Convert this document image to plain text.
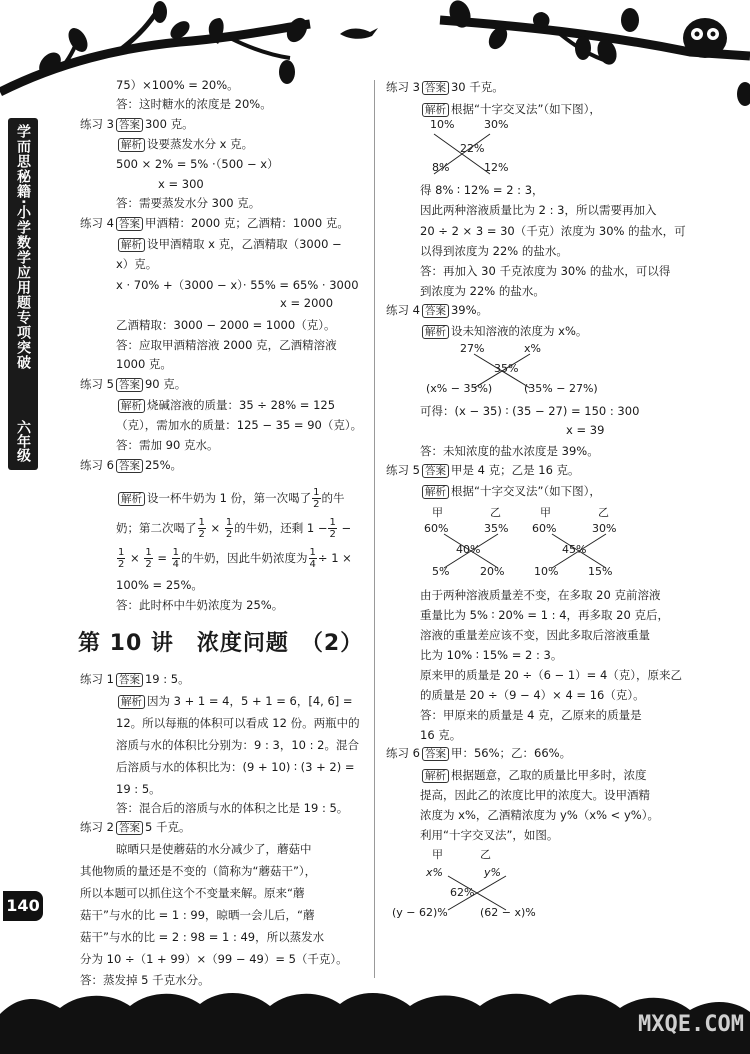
学而思秘籍·小学数学应用题专项突破
六年级
75）×100% = 20%。
答：这时糖水的浓度是 20%。
练习 3 答案 300 克。
解析 设要蒸发水分 x 克。
500 × 2% = 5% ·（500 − x）
x = 300
答：需要蒸发水分 300 克。
练习 4 答案 甲酒精：2000 克；乙酒精：1000 克。
解析 设甲酒精取 x 克，乙酒精取（3000 −
x）克。
x · 70% +（3000 − x）· 55% = 65% · 3000
x = 2000
乙酒精取：3000 − 2000 = 1000（克）。
答：应取甲酒精溶液 2000 克，乙酒精溶液
1000 克。
练习 5 答案 90 克。
解析 烧碱溶液的质量：35 ÷ 28% = 125
（克），需加水的质量：125 − 35 = 90（克）。
答：需加 90 克水。
练习 6 答案 25%。
解析 设一杯牛奶为 1 份，第一次喝了 $\frac{1}{2}$ 的牛
奶；第二次喝了 $\frac{1}{2} \times \frac{1}{2}$ 的牛奶，还剩 $1 - \frac{1}{2}$ −
$\frac{1}{2} \times \frac{1}{2} = \frac{1}{4}$ 的牛奶，因此牛奶浓度为 $\frac{1}{4} \div 1$ ×
100% = 25%。
答：此时杯中牛奶浓度为 25%。
第 10 讲　浓度问题　（2）
练习 1 答案 19 : 5。
解析 因为 3 + 1 = 4，5 + 1 = 6，[4, 6] =
12。所以每瓶的体积可以看成 12 份。两瓶中的
溶质与水的体积比分别为：9 : 3，10 : 2。混合
后溶质与水的体积比为：(9 + 10) ∶ (3 + 2) =
19 : 5。
答：混合后的溶质与水的体积之比是 19 : 5。
练习 2 答案 5 千克。
晾晒只是使蘑菇的水分减少了，蘑菇中
其他物质的量还是不变的（简称为“蘑菇干”），
所以本题可以抓住这个不变量来解。原来“蘑
菇干”与水的比 = 1 : 99，晾晒一会儿后，“蘑
菇干”与水的比 = 2 : 98 = 1 : 49，所以蒸发水
分为 10 ÷（1 + 99）×（99 − 49）= 5（千克）。
答：蒸发掉 5 千克水分。
140
练习 3 答案 30 千克。
解析 根据“十字交叉法”（如下图），
10%	30%
22%
8%	12%
得 8% ∶ 12% = 2 : 3，
因此两种溶液质量比为 2 : 3，所以需要再加入
20 ÷ 2 × 3 = 30（千克）浓度为 30% 的盐水，可
以得到浓度为 22% 的盐水。
答：再加入 30 千克浓度为 30% 的盐水，可以得
到浓度为 22% 的盐水。
练习 4 答案 39%。
解析 设未知溶液的浓度为 x%。
27%	x%
35%
(x% − 35%)	(35% − 27%)
可得：(x − 35) ∶ (35 − 27) = 150 : 300
x = 39
答：未知浓度的盐水浓度是 39%。
练习 5 答案 甲是 4 克；乙是 16 克。
解析 根据“十字交叉法”（如下图），
甲	乙	甲	乙
60%	35%
40%
5%	20%
60%	30%
45%
10%	15%
由于两种溶液质量差不变，在多取 20 克前溶液
重量比为 5% ∶ 20% = 1 : 4，再多取 20 克后，
溶液的重量差应该不变，因此多取后溶液重量
比为 10% ∶ 15% = 2 : 3。
原来甲的质量是 20 ÷（6 − 1）= 4（克），原来乙
的质量是 20 ÷（9 − 4）× 4 = 16（克）。
答：甲原来的质量是 4 克，乙原来的质量是
16 克。
练习 6 答案 甲：56%；乙：66%。
解析 根据题意，乙取的质量比甲多时，浓度
提高，因此乙的浓度比甲的浓度大。设甲酒精
浓度为 x%，乙酒精浓度为 y%（x% < y%）。
利用“十字交叉法”，如图。
甲	乙
x%	y%
62%
(y − 62)%	(62 − x)%
MXQE.COM
